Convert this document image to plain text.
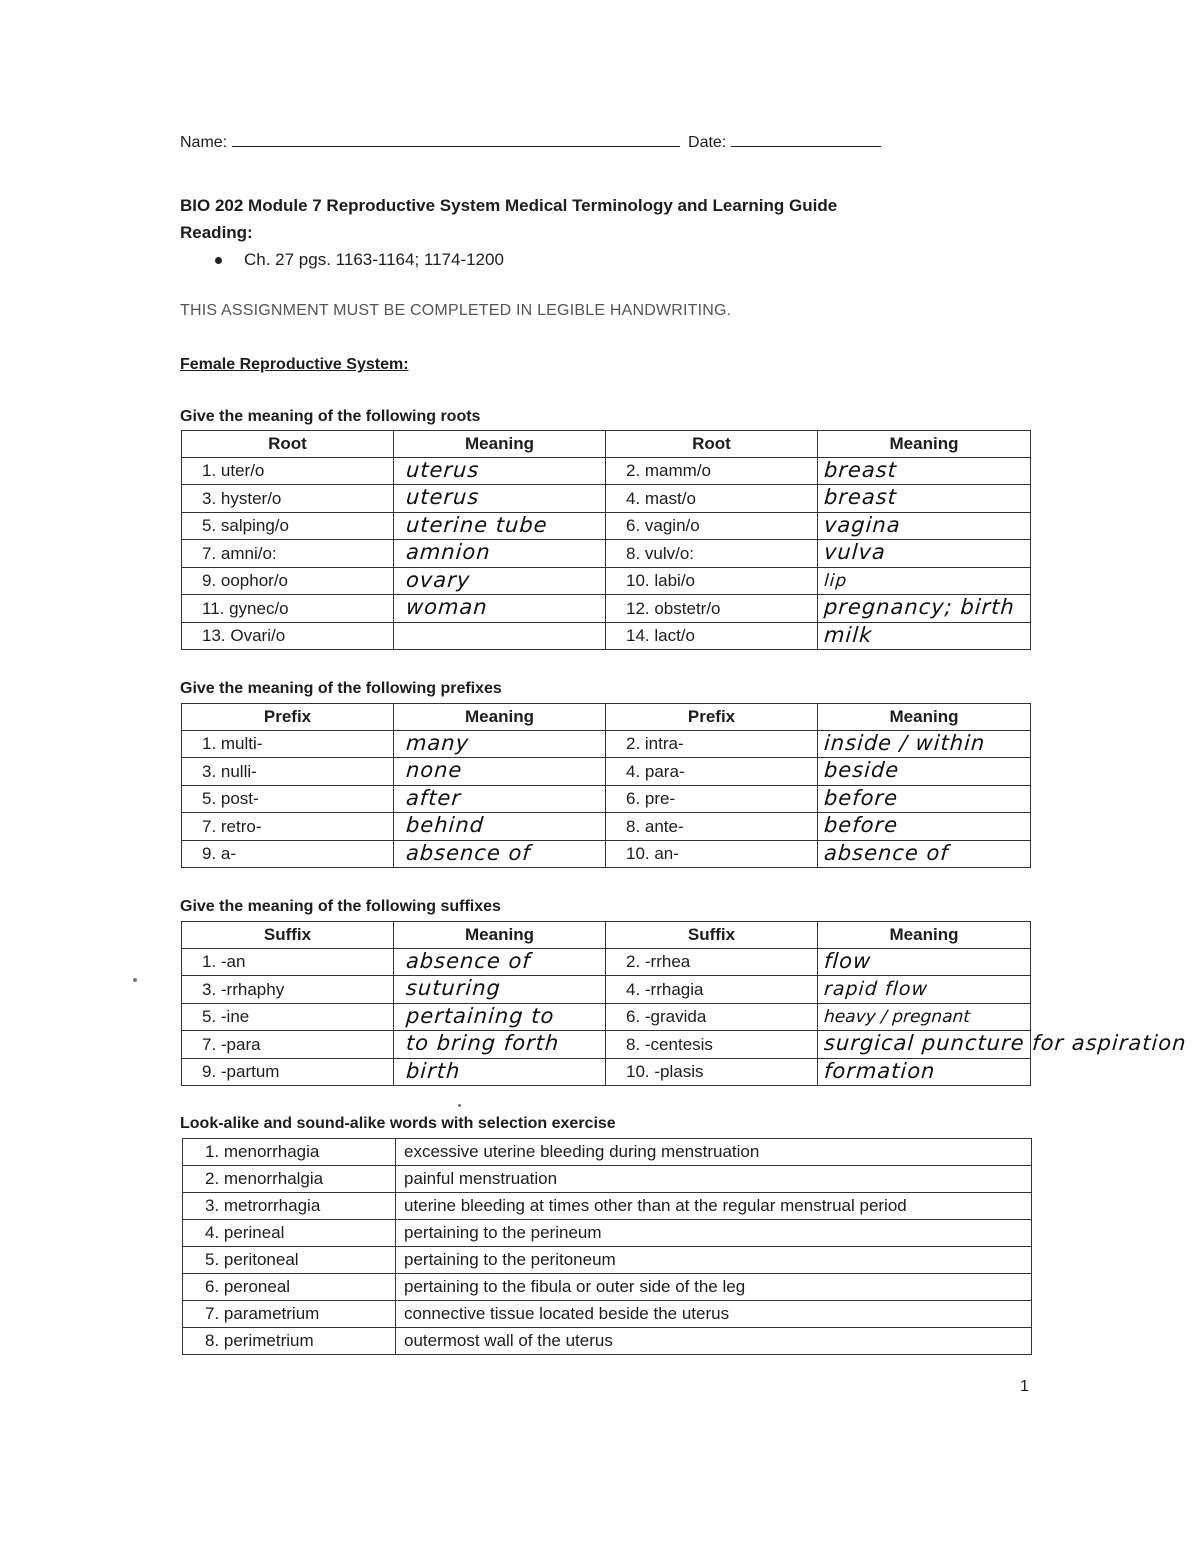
Name:	Date:
BIO 202 Module 7 Reproductive System Medical Terminology and Learning Guide
Reading:
Ch. 27 pgs. 1163-1164; 1174-1200
THIS ASSIGNMENT MUST BE COMPLETED IN LEGIBLE HANDWRITING.
Female Reproductive System:
Give the meaning of the following roots
Root	Meaning	Root	Meaning
1. uter/o	uterus	2. mamm/o	breast
3. hyster/o	uterus	4. mast/o	breast
5. salping/o	uterine tube	6. vagin/o	vagina
7. amni/o:	amnion	8. vulv/o:	vulva
9. oophor/o	ovary	10. labi/o	lip
11. gynec/o	woman	12. obstetr/o	pregnancy; birth
13. Ovari/o		14. lact/o	milk
Give the meaning of the following prefixes
Prefix	Meaning	Prefix	Meaning
1. multi-	many	2. intra-	inside / within
3. nulli-	none	4. para-	beside
5. post-	after	6. pre-	before
7. retro-	behind	8. ante-	before
9. a-	absence of	10. an-	absence of
Give the meaning of the following suffixes
Suffix	Meaning	Suffix	Meaning
1. -an	absence of	2. -rrhea	flow
3. -rrhaphy	suturing	4. -rrhagia	rapid flow
5. -ine	pertaining to	6. -gravida	heavy / pregnant
7. -para	to bring forth	8. -centesis	surgical puncture for aspiration
9. -partum	birth	10. -plasis	formation
Look-alike and sound-alike words with selection exercise
1. menorrhagia	excessive uterine bleeding during menstruation
2. menorrhalgia	painful menstruation
3. metrorrhagia	uterine bleeding at times other than at the regular menstrual period
4. perineal	pertaining to the perineum
5. peritoneal	pertaining to the peritoneum
6. peroneal	pertaining to the fibula or outer side of the leg
7. parametrium	connective tissue located beside the uterus
8. perimetrium	outermost wall of the uterus
1
